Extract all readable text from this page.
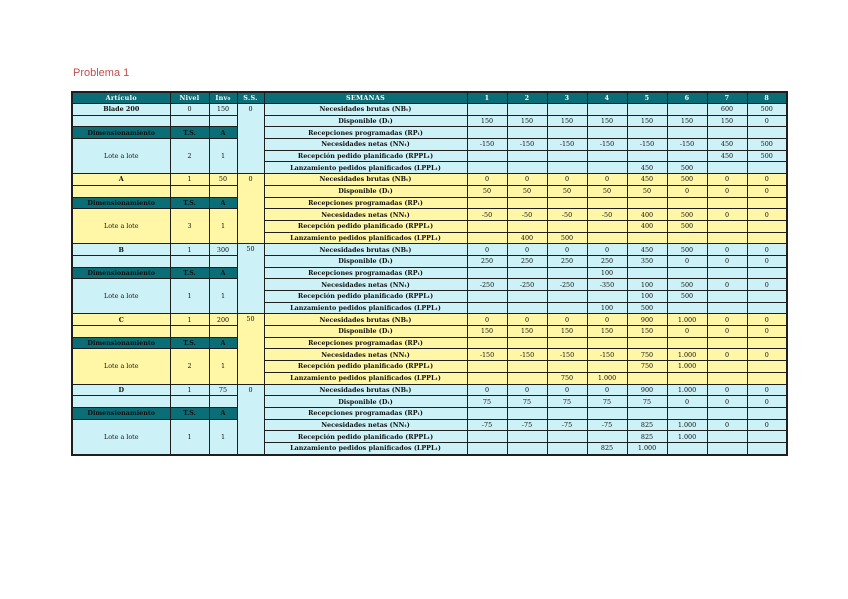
Problema 1
Artículo	Nivel	Inv₀	S.S.	SEMANAS	1	2	3	4	5	6	7	8
Blade 200	0	150	0	Necesidades brutas (NBₜ)							600	500
				Disponible (Dₜ)	150	150	150	150	150	150	150	0
Dimensionamiento	T.S.	A		Recepciones programadas (RPₜ)								
Lote a lote	2	1		Necesidades netas (NNₜ)	-150	-150	-150	-150	-150	-150	450	500
				Recepción pedido planificado (RPPLₜ)							450	500
				Lanzamiento pedidos planificados (LPPLₜ)					450	500		
A	1	50	0	Necesidades brutas (NBₜ)	0	0	0	0	450	500	0	0
				Disponible (Dₜ)	50	50	50	50	50	0	0	0
Dimensionamiento	T.S.	A		Recepciones programadas (RPₜ)								
Lote a lote	3	1		Necesidades netas (NNₜ)	-50	-50	-50	-50	400	500	0	0
				Recepción pedido planificado (RPPLₜ)					400	500		
				Lanzamiento pedidos planificados (LPPLₜ)		400	500					
B	1	300	50	Necesidades brutas (NBₜ)	0	0	0	0	450	500	0	0
				Disponible (Dₜ)	250	250	250	250	350	0	0	0
Dimensionamiento	T.S.	A		Recepciones programadas (RPₜ)				100				
Lote a lote	1	1		Necesidades netas (NNₜ)	-250	-250	-250	-350	100	500	0	0
				Recepción pedido planificado (RPPLₜ)					100	500		
				Lanzamiento pedidos planificados (LPPLₜ)				100	500			
C	1	200	50	Necesidades brutas (NBₜ)	0	0	0	0	900	1.000	0	0
				Disponible (Dₜ)	150	150	150	150	150	0	0	0
Dimensionamiento	T.S.	A		Recepciones programadas (RPₜ)								
Lote a lote	2	1		Necesidades netas (NNₜ)	-150	-150	-150	-150	750	1.000	0	0
				Recepción pedido planificado (RPPLₜ)					750	1.000		
				Lanzamiento pedidos planificados (LPPLₜ)			750	1.000				
D	1	75	0	Necesidades brutas (NBₜ)	0	0	0	0	900	1.000	0	0
				Disponible (Dₜ)	75	75	75	75	75	0	0	0
Dimensionamiento	T.S.	A		Recepciones programadas (RPₜ)								
Lote a lote	1	1		Necesidades netas (NNₜ)	-75	-75	-75	-75	825	1.000	0	0
				Recepción pedido planificado (RPPLₜ)					825	1.000		
				Lanzamiento pedidos planificados (LPPLₜ)				825	1.000			
